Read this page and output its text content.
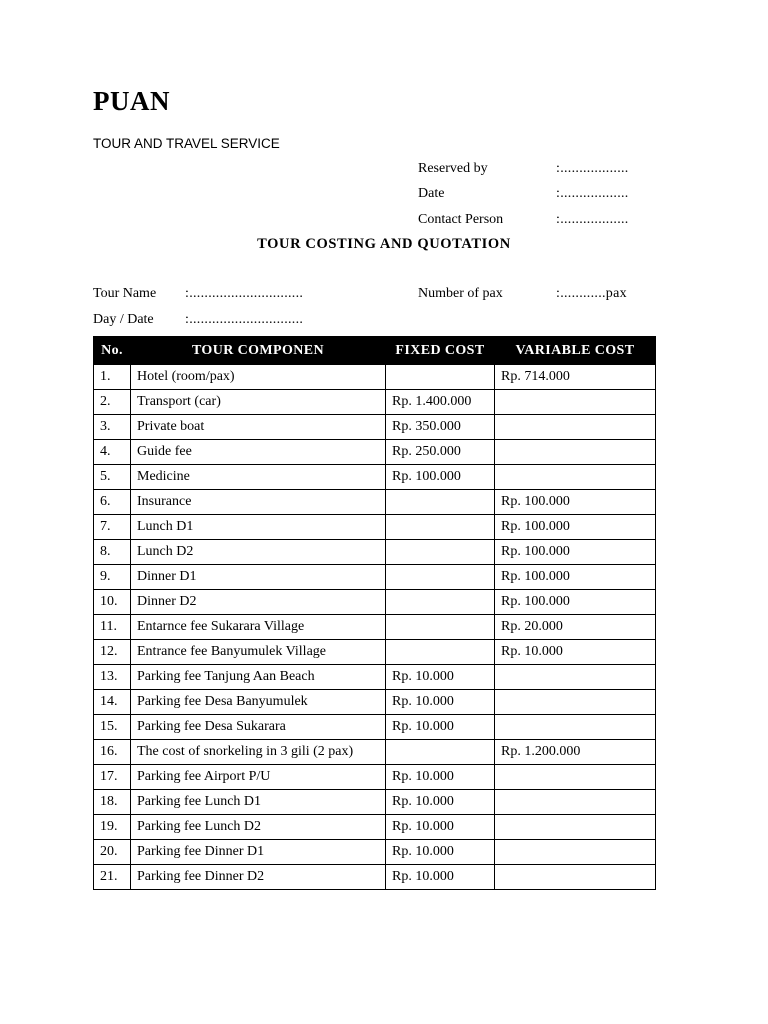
PUAN
TOUR AND TRAVEL SERVICE
Reserved by	:..................
Date	:..................
Contact Person	:..................
TOUR COSTING AND QUOTATION
Tour Name :..............................	Number of pax	:............pax
Day / Date :..............................
No.	TOUR COMPONEN	FIXED COST	VARIABLE COST
1.	Hotel (room/pax)		Rp. 714.000
2.	Transport (car)	Rp. 1.400.000	
3.	Private boat	Rp. 350.000	
4.	Guide fee	Rp. 250.000	
5.	Medicine	Rp. 100.000	
6.	Insurance		Rp. 100.000
7.	Lunch D1		Rp. 100.000
8.	Lunch D2		Rp. 100.000
9.	Dinner D1		Rp. 100.000
10.	Dinner D2		Rp. 100.000
11.	Entarnce fee Sukarara Village		Rp. 20.000
12.	Entrance fee Banyumulek Village		Rp. 10.000
13.	Parking fee Tanjung Aan Beach	Rp. 10.000	
14.	Parking fee Desa Banyumulek	Rp. 10.000	
15.	Parking fee Desa Sukarara	Rp. 10.000	
16.	The cost of snorkeling in 3 gili (2 pax)		Rp. 1.200.000
17.	Parking fee Airport P/U	Rp. 10.000	
18.	Parking fee Lunch D1	Rp. 10.000	
19.	Parking fee Lunch D2	Rp. 10.000	
20.	Parking fee Dinner D1	Rp. 10.000	
21.	Parking fee Dinner D2	Rp. 10.000	
